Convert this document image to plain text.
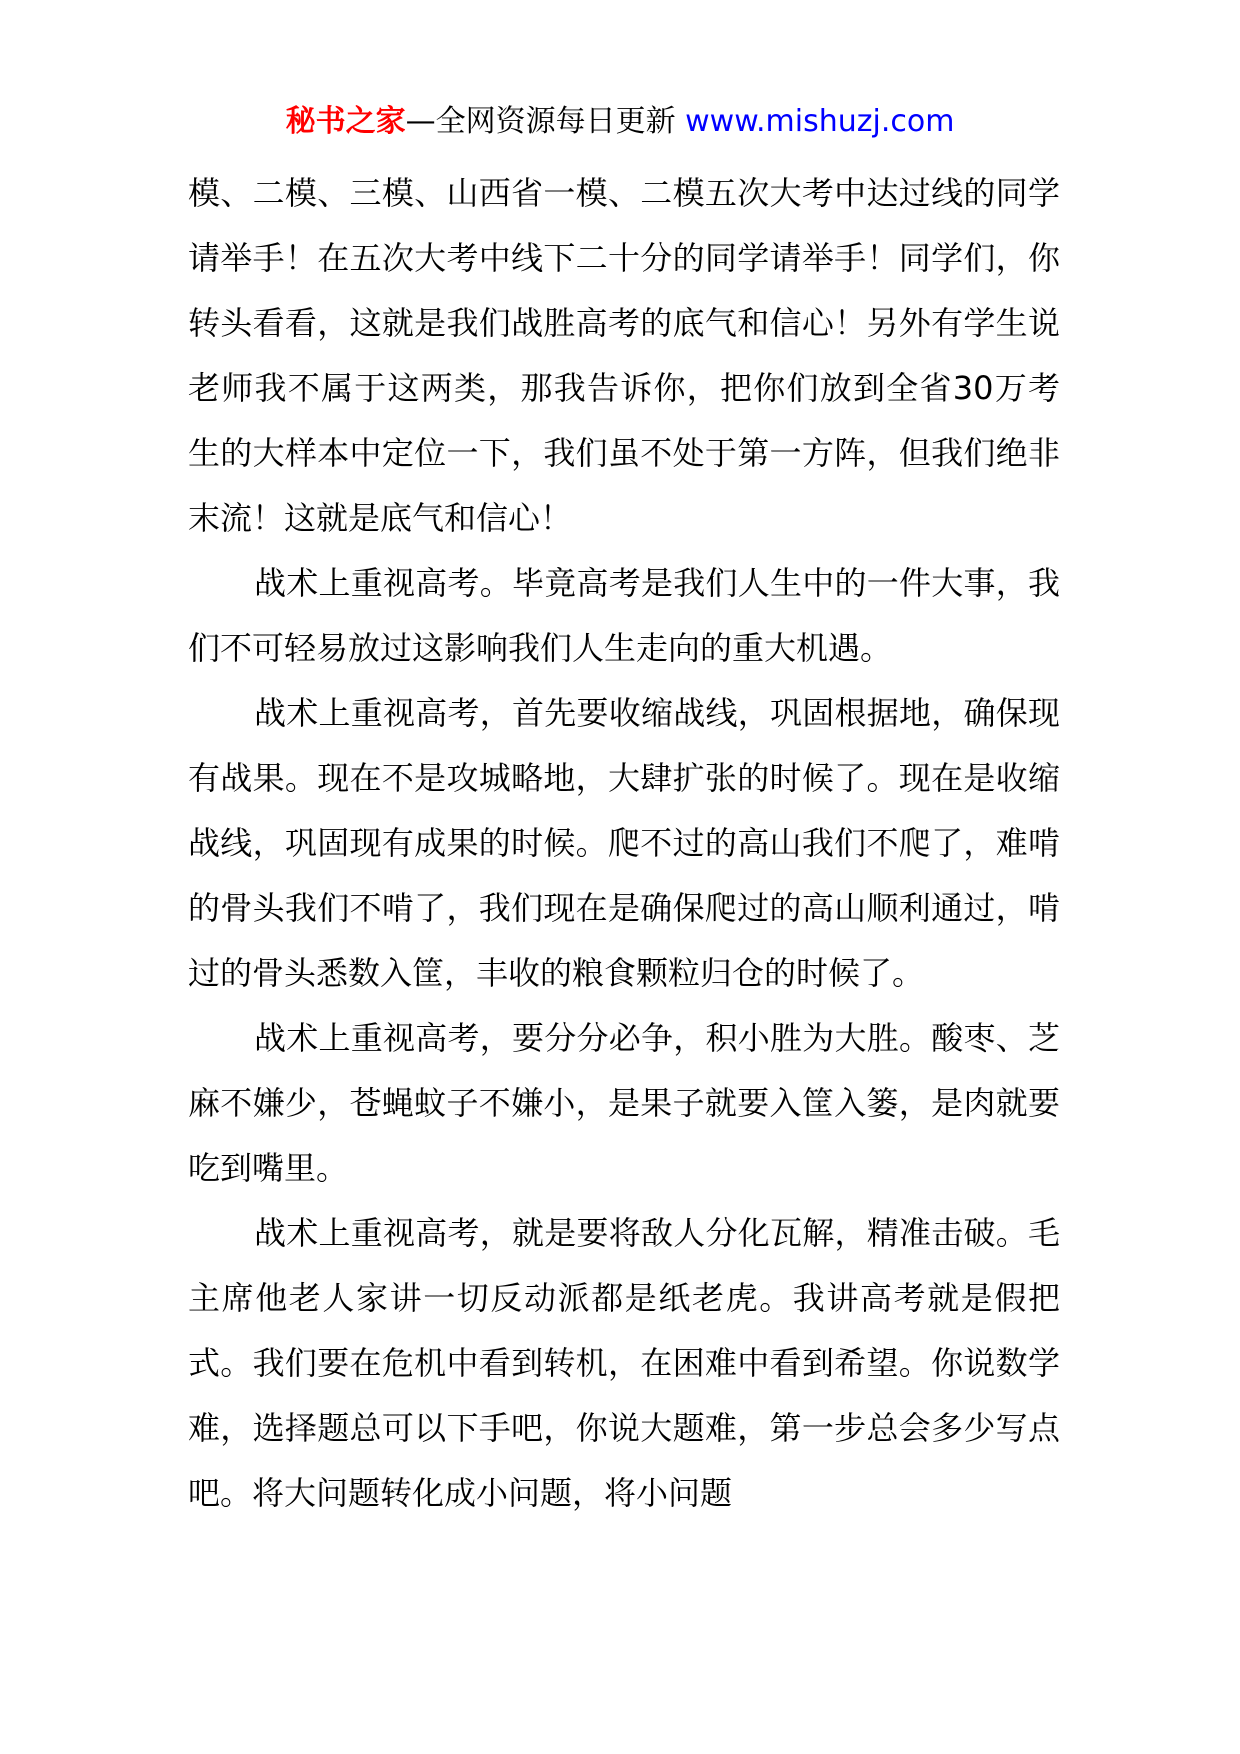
秘书之家—全网资源每日更新 www.mishuzj.com

模、二模、三模、山西省一模、二模五次大考中达过线的同学请举手！在五次大考中线下二十分的同学请举手！同学们，你转头看看，这就是我们战胜高考的底气和信心！另外有学生说老师我不属于这两类，那我告诉你，把你们放到全省30万考生的大样本中定位一下，我们虽不处于第一方阵，但我们绝非末流！这就是底气和信心！

战术上重视高考。毕竟高考是我们人生中的一件大事，我们不可轻易放过这影响我们人生走向的重大机遇。

战术上重视高考，首先要收缩战线，巩固根据地，确保现有战果。现在不是攻城略地，大肆扩张的时候了。现在是收缩战线，巩固现有成果的时候。爬不过的高山我们不爬了，难啃的骨头我们不啃了，我们现在是确保爬过的高山顺利通过，啃过的骨头悉数入筐，丰收的粮食颗粒归仓的时候了。

战术上重视高考，要分分必争，积小胜为大胜。酸枣、芝麻不嫌少，苍蝇蚊子不嫌小，是果子就要入筐入篓，是肉就要吃到嘴里。

战术上重视高考，就是要将敌人分化瓦解，精准击破。毛主席他老人家讲一切反动派都是纸老虎。我讲高考就是假把式。我们要在危机中看到转机，在困难中看到希望。你说数学难，选择题总可以下手吧，你说大题难，第一步总会多少写点吧。将大问题转化成小问题，将小问题
